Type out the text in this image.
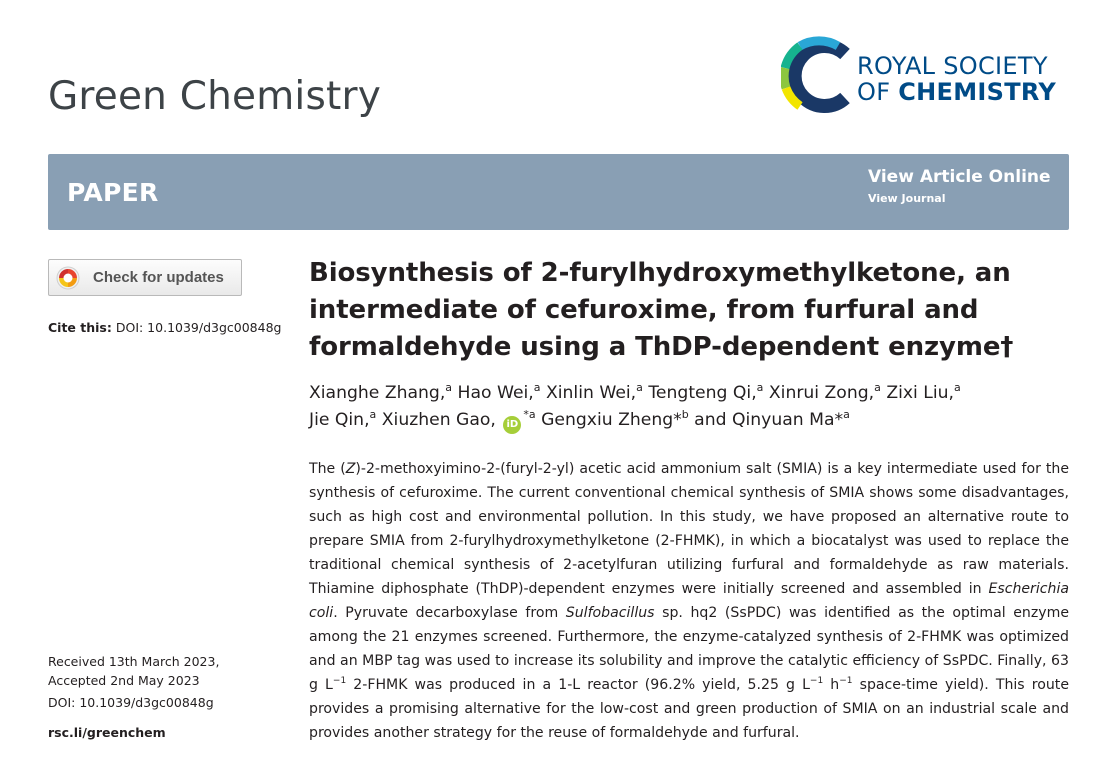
Green Chemistry
ROYAL SOCIETY
OF CHEMISTRY
PAPER
View Article Online
View Journal
Check for updates
Cite this: DOI: 10.1039/d3gc00848g
Received 13th March 2023,
Accepted 2nd May 2023
DOI: 10.1039/d3gc00848g
rsc.li/greenchem
Biosynthesis of 2-furylhydroxymethylketone, an intermediate of cefuroxime, from furfural and formaldehyde using a ThDP-dependent enzyme†
Xianghe Zhang,$^a$ Hao Wei,$^a$ Xinlin Wei,$^a$ Tengteng Qi,$^a$ Xinrui Zong,$^a$ Zixi Liu,$^a$
Jie Qin,$^a$ Xiuzhen Gao, $iD^{*a}$ Gengxiu Zheng*$^b$ and Qinyuan Ma*$^a$

The (Z)-2-methoxyimino-2-(furyl-2-yl) acetic acid ammonium salt (SMIA) is a key intermediate used for the synthesis of cefuroxime. The current conventional chemical synthesis of SMIA shows some disadvantages, such as high cost and environmental pollution. In this study, we have proposed an alternative route to prepare SMIA from 2-furylhydroxymethylketone (2-FHMK), in which a biocatalyst was used to replace the traditional chemical synthesis of 2-acetylfuran utilizing furfural and formaldehyde as raw materials. Thiamine diphosphate (ThDP)-dependent enzymes were initially screened and assembled in Escherichia coli. Pyruvate decarboxylase from Sulfobacillus sp. hq2 (SsPDC) was identified as the optimal enzyme among the 21 enzymes screened. Furthermore, the enzyme-catalyzed synthesis of 2-FHMK was optimized and an MBP tag was used to increase its solubility and improve the catalytic efficiency of SsPDC. Finally, 63 g $L^{-1}$ 2-FHMK was produced in a 1-L reactor (96.2% yield, 5.25 g $L^{-1}$ $h^{-1}$ space-time yield). This route provides a promising alternative for the low-cost and green production of SMIA on an industrial scale and provides another strategy for the reuse of formaldehyde and furfural.
